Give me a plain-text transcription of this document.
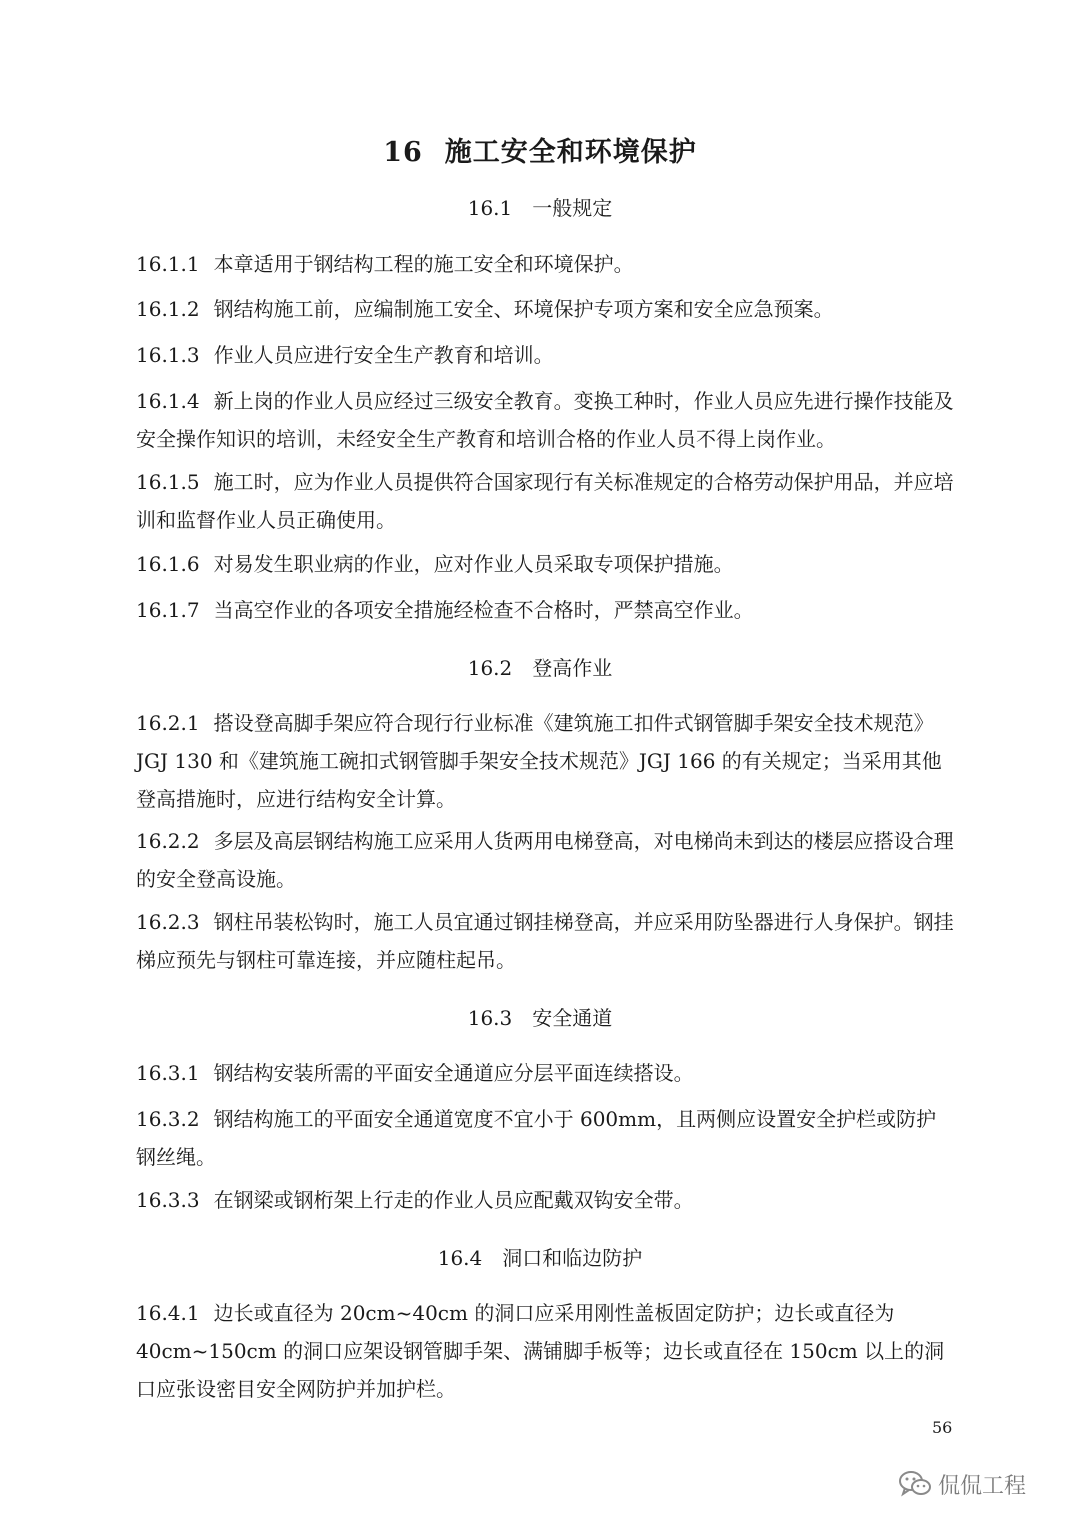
16 施工安全和环境保护
16.1 一般规定
16.1.1 本章适用于钢结构工程的施工安全和环境保护。
16.1.2 钢结构施工前，应编制施工安全、环境保护专项方案和安全应急预案。
16.1.3 作业人员应进行安全生产教育和培训。
16.1.4 新上岗的作业人员应经过三级安全教育。变换工种时，作业人员应先进行操作技能及安全操作知识的培训，未经安全生产教育和培训合格的作业人员不得上岗作业。
16.1.5 施工时，应为作业人员提供符合国家现行有关标准规定的合格劳动保护用品，并应培训和监督作业人员正确使用。
16.1.6 对易发生职业病的作业，应对作业人员采取专项保护措施。
16.1.7 当高空作业的各项安全措施经检查不合格时，严禁高空作业。
16.2 登高作业
16.2.1 搭设登高脚手架应符合现行行业标准《建筑施工扣件式钢管脚手架安全技术规范》JGJ 130 和《建筑施工碗扣式钢管脚手架安全技术规范》JGJ 166 的有关规定；当采用其他登高措施时，应进行结构安全计算。
16.2.2 多层及高层钢结构施工应采用人货两用电梯登高，对电梯尚未到达的楼层应搭设合理的安全登高设施。
16.2.3 钢柱吊装松钩时，施工人员宜通过钢挂梯登高，并应采用防坠器进行人身保护。钢挂梯应预先与钢柱可靠连接，并应随柱起吊。
16.3 安全通道
16.3.1 钢结构安装所需的平面安全通道应分层平面连续搭设。
16.3.2 钢结构施工的平面安全通道宽度不宜小于 600mm，且两侧应设置安全护栏或防护钢丝绳。
16.3.3 在钢梁或钢桁架上行走的作业人员应配戴双钩安全带。
16.4 洞口和临边防护
16.4.1 边长或直径为 20cm~40cm 的洞口应采用刚性盖板固定防护；边长或直径为 40cm~150cm 的洞口应架设钢管脚手架、满铺脚手板等；边长或直径在 150cm 以上的洞口应张设密目安全网防护并加护栏。
56
侃侃工程
